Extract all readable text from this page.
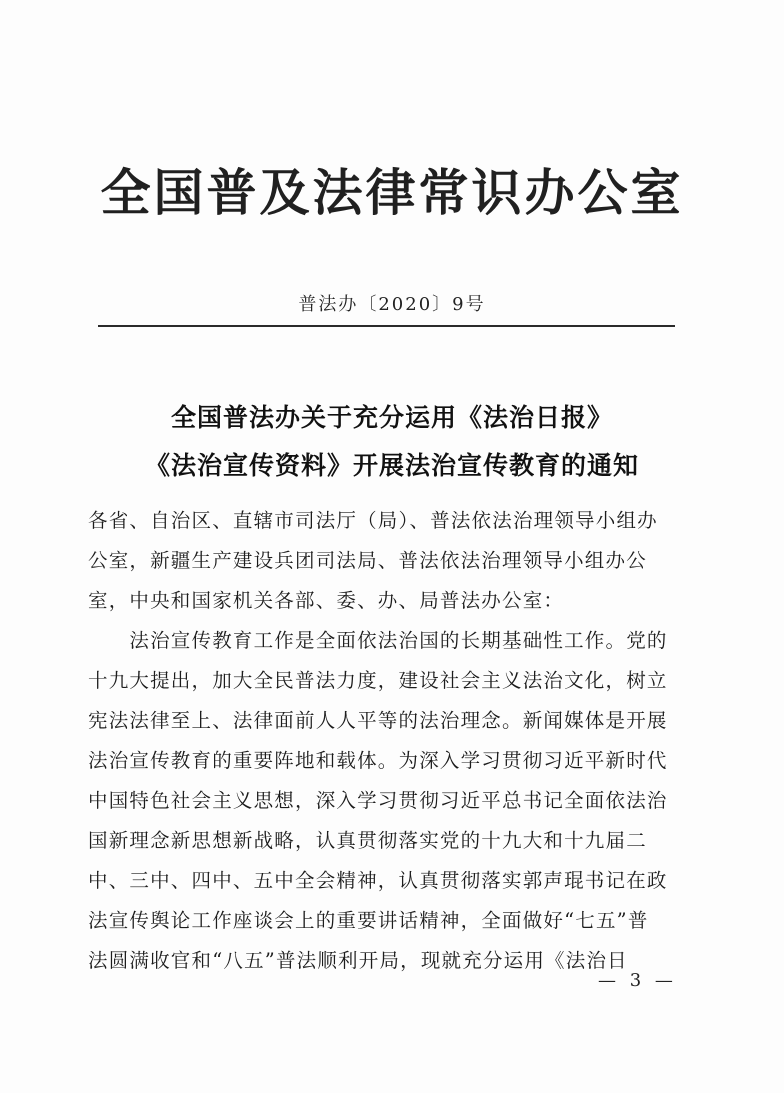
全国普及法律常识办公室
普法办〔2020〕9号
全国普法办关于充分运用《法治日报》
《法治宣传资料》开展法治宣传教育的通知
各省、自治区、直辖市司法厅（局）、普法依法治理领导小组办
公室，新疆生产建设兵团司法局、普法依法治理领导小组办公
室，中央和国家机关各部、委、办、局普法办公室：
　　法治宣传教育工作是全面依法治国的长期基础性工作。党的
十九大提出，加大全民普法力度，建设社会主义法治文化，树立
宪法法律至上、法律面前人人平等的法治理念。新闻媒体是开展
法治宣传教育的重要阵地和载体。为深入学习贯彻习近平新时代
中国特色社会主义思想，深入学习贯彻习近平总书记全面依法治
国新理念新思想新战略，认真贯彻落实党的十九大和十九届二
中、三中、四中、五中全会精神，认真贯彻落实郭声琨书记在政
法宣传舆论工作座谈会上的重要讲话精神，全面做好“七五”普
法圆满收官和“八五”普法顺利开局，现就充分运用《法治日
— 3 —
